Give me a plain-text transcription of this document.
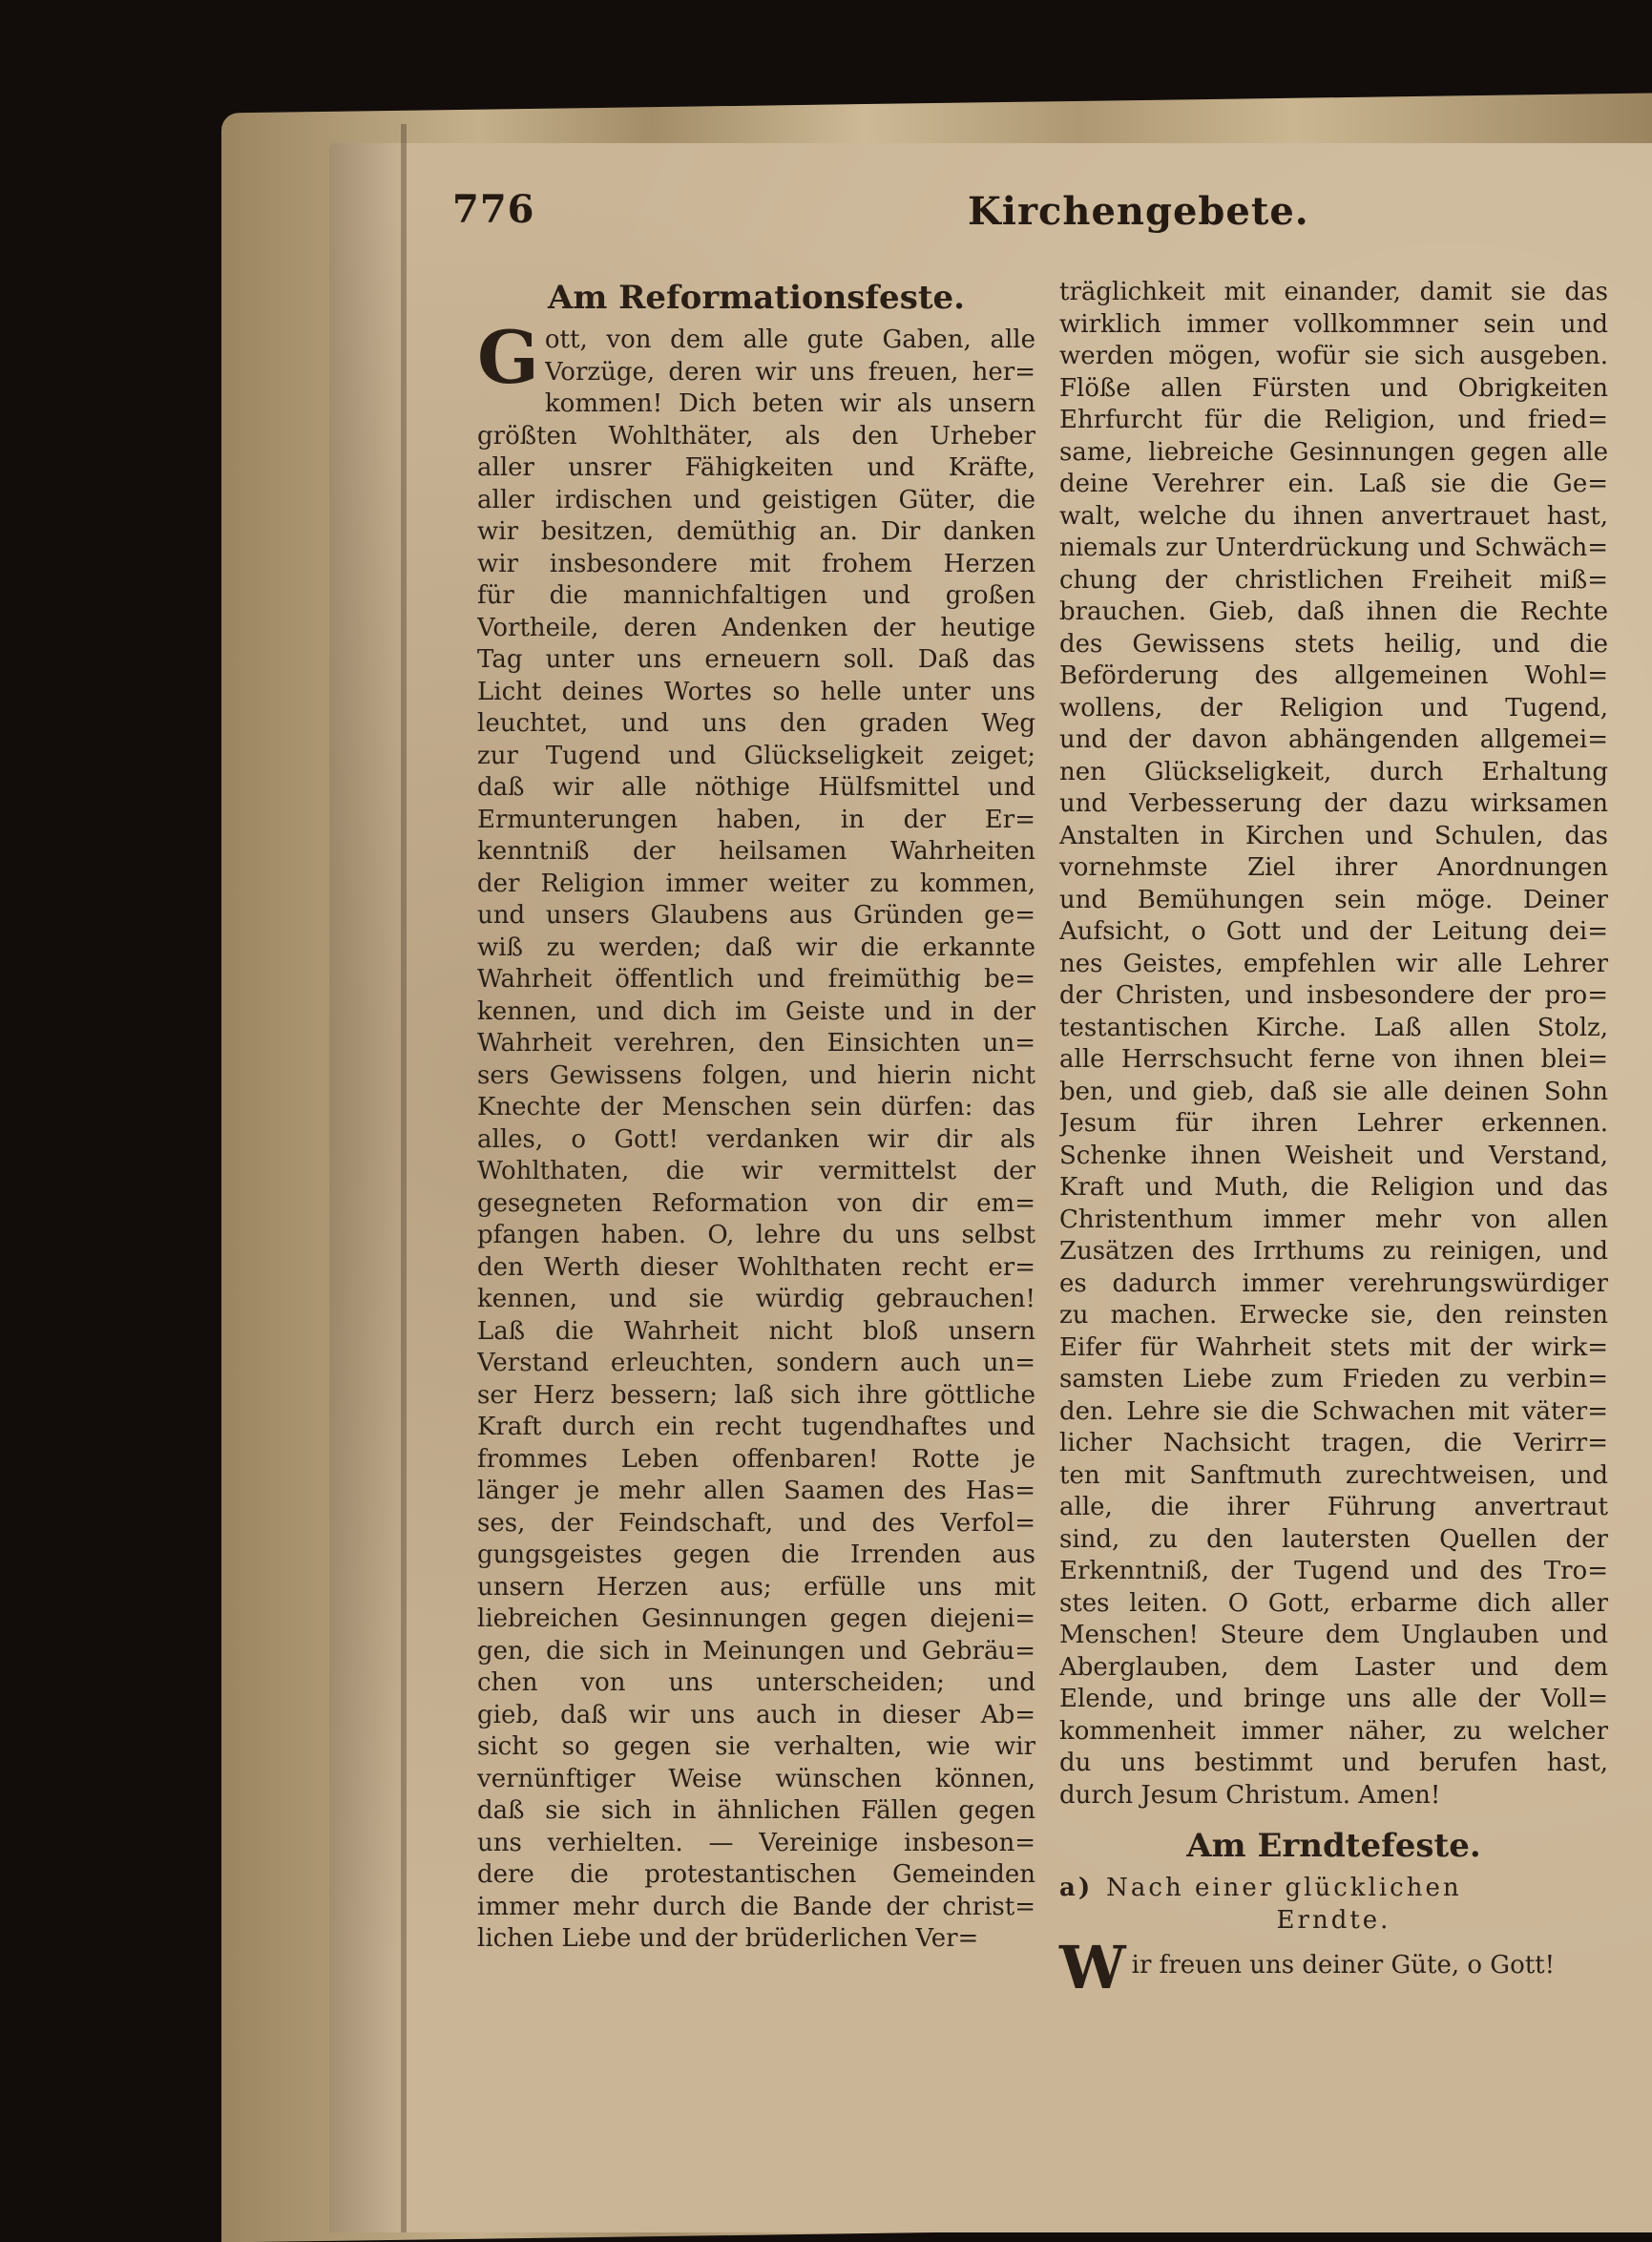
776	Kirchengebete.
Am Reformationsfeste.
G ott, von dem alle gute Gaben, alle
Vorzüge, deren wir uns freuen, her=
kommen! Dich beten wir als unsern
größten Wohlthäter, als den Urheber
aller unsrer Fähigkeiten und Kräfte,
aller irdischen und geistigen Güter, die
wir besitzen, demüthig an. Dir danken
wir insbesondere mit frohem Herzen
für die mannichfaltigen und großen
Vortheile, deren Andenken der heutige
Tag unter uns erneuern soll. Daß das
Licht deines Wortes so helle unter uns
leuchtet, und uns den graden Weg
zur Tugend und Glückseligkeit zeiget;
daß wir alle nöthige Hülfsmittel und
Ermunterungen haben, in der Er=
kenntniß der heilsamen Wahrheiten
der Religion immer weiter zu kommen,
und unsers Glaubens aus Gründen ge=
wiß zu werden; daß wir die erkannte
Wahrheit öffentlich und freimüthig be=
kennen, und dich im Geiste und in der
Wahrheit verehren, den Einsichten un=
sers Gewissens folgen, und hierin nicht
Knechte der Menschen sein dürfen: das
alles, o Gott! verdanken wir dir als
Wohlthaten, die wir vermittelst der
gesegneten Reformation von dir em=
pfangen haben. O, lehre du uns selbst
den Werth dieser Wohlthaten recht er=
kennen, und sie würdig gebrauchen!
Laß die Wahrheit nicht bloß unsern
Verstand erleuchten, sondern auch un=
ser Herz bessern; laß sich ihre göttliche
Kraft durch ein recht tugendhaftes und
frommes Leben offenbaren! Rotte je
länger je mehr allen Saamen des Has=
ses, der Feindschaft, und des Verfol=
gungsgeistes gegen die Irrenden aus
unsern Herzen aus; erfülle uns mit
liebreichen Gesinnungen gegen diejeni=
gen, die sich in Meinungen und Gebräu=
chen von uns unterscheiden; und
gieb, daß wir uns auch in dieser Ab=
sicht so gegen sie verhalten, wie wir
vernünftiger Weise wünschen können,
daß sie sich in ähnlichen Fällen gegen
uns verhielten. — Vereinige insbeson=
dere die protestantischen Gemeinden
immer mehr durch die Bande der christ=
lichen Liebe und der brüderlichen Ver=
träglichkeit mit einander, damit sie das
wirklich immer vollkommner sein und
werden mögen, wofür sie sich ausgeben.
Flöße allen Fürsten und Obrigkeiten
Ehrfurcht für die Religion, und fried=
same, liebreiche Gesinnungen gegen alle
deine Verehrer ein. Laß sie die Ge=
walt, welche du ihnen anvertrauet hast,
niemals zur Unterdrückung und Schwäch=
chung der christlichen Freiheit miß=
brauchen. Gieb, daß ihnen die Rechte
des Gewissens stets heilig, und die
Beförderung des allgemeinen Wohl=
wollens, der Religion und Tugend,
und der davon abhängenden allgemei=
nen Glückseligkeit, durch Erhaltung
und Verbesserung der dazu wirksamen
Anstalten in Kirchen und Schulen, das
vornehmste Ziel ihrer Anordnungen
und Bemühungen sein möge. Deiner
Aufsicht, o Gott und der Leitung dei=
nes Geistes, empfehlen wir alle Lehrer
der Christen, und insbesondere der pro=
testantischen Kirche. Laß allen Stolz,
alle Herrschsucht ferne von ihnen blei=
ben, und gieb, daß sie alle deinen Sohn
Jesum für ihren Lehrer erkennen.
Schenke ihnen Weisheit und Verstand,
Kraft und Muth, die Religion und das
Christenthum immer mehr von allen
Zusätzen des Irrthums zu reinigen, und
es dadurch immer verehrungswürdiger
zu machen. Erwecke sie, den reinsten
Eifer für Wahrheit stets mit der wirk=
samsten Liebe zum Frieden zu verbin=
den. Lehre sie die Schwachen mit väter=
licher Nachsicht tragen, die Verirr=
ten mit Sanftmuth zurechtweisen, und
alle, die ihrer Führung anvertraut
sind, zu den lautersten Quellen der
Erkenntniß, der Tugend und des Tro=
stes leiten. O Gott, erbarme dich aller
Menschen! Steure dem Unglauben und
Aberglauben, dem Laster und dem
Elende, und bringe uns alle der Voll=
kommenheit immer näher, zu welcher
du uns bestimmt und berufen hast,
durch Jesum Christum. Amen!
Am Erndtefeste.
a) Nach einer glücklichen
Erndte.
W ir freuen uns deiner Güte, o Gott!
